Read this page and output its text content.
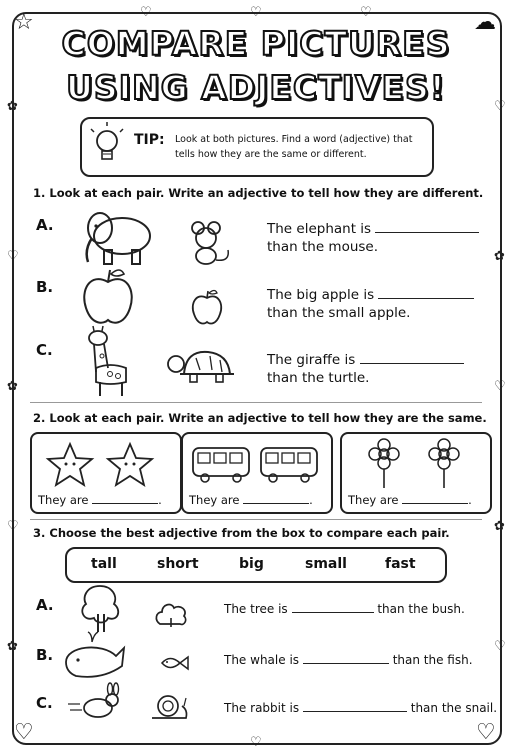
☆	☁
♡	♡
✿
♡
✿
♡
✿
♡
✿
♡
✿
♡
♡	♡	♡
♡
COMPARE PICTURES
USING ADJECTIVES!
TIP: Look at both pictures. Find a word (adjective) that tells how they are the same or different.
1. Look at each pair. Write an adjective to tell how they are different.
A.	The elephant is
than the mouse.
B.	The big apple is
than the small apple.
C.
The giraffe is
than the turtle.
2. Look at each pair. Write an adjective to tell how they are the same.
They are	. They are	.	They are	.
3. Choose the best adjective from the box to compare each pair.
tall	short	big	small	fast
A.	The tree is	than the bush.
B.	The whale is	than the fish.
C.	The rabbit is	than the snail.
